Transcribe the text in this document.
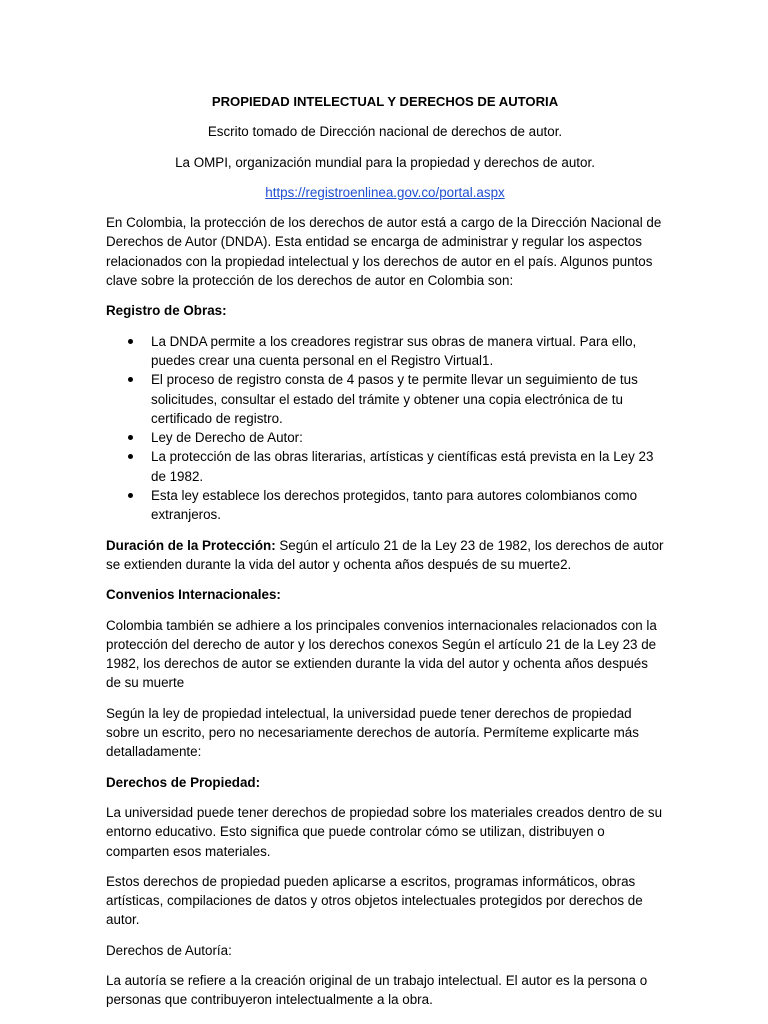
PROPIEDAD INTELECTUAL Y DERECHOS DE AUTORIA
Escrito tomado de Dirección nacional de derechos de autor.
La OMPI, organización mundial para la propiedad y derechos de autor.
https://registroenlinea.gov.co/portal.aspx

En Colombia, la protección de los derechos de autor está a cargo de la Dirección Nacional de Derechos de Autor (DNDA). Esta entidad se encarga de administrar y regular los aspectos relacionados con la propiedad intelectual y los derechos de autor en el país. Algunos puntos clave sobre la protección de los derechos de autor en Colombia son:

Registro de Obras:
La DNDA permite a los creadores registrar sus obras de manera virtual. Para ello, puedes crear una cuenta personal en el Registro Virtual1.
El proceso de registro consta de 4 pasos y te permite llevar un seguimiento de tus solicitudes, consultar el estado del trámite y obtener una copia electrónica de tu certificado de registro.
Ley de Derecho de Autor:
La protección de las obras literarias, artísticas y científicas está prevista en la Ley 23 de 1982.
Esta ley establece los derechos protegidos, tanto para autores colombianos como extranjeros.

Duración de la Protección: Según el artículo 21 de la Ley 23 de 1982, los derechos de autor se extienden durante la vida del autor y ochenta años después de su muerte2.

Convenios Internacionales:

Colombia también se adhiere a los principales convenios internacionales relacionados con la protección del derecho de autor y los derechos conexos Según el artículo 21 de la Ley 23 de 1982, los derechos de autor se extienden durante la vida del autor y ochenta años después de su muerte

Según la ley de propiedad intelectual, la universidad puede tener derechos de propiedad sobre un escrito, pero no necesariamente derechos de autoría. Permíteme explicarte más detalladamente:

Derechos de Propiedad:

La universidad puede tener derechos de propiedad sobre los materiales creados dentro de su entorno educativo. Esto significa que puede controlar cómo se utilizan, distribuyen o comparten esos materiales.

Estos derechos de propiedad pueden aplicarse a escritos, programas informáticos, obras artísticas, compilaciones de datos y otros objetos intelectuales protegidos por derechos de autor.

Derechos de Autoría:

La autoría se refiere a la creación original de un trabajo intelectual. El autor es la persona o personas que contribuyeron intelectualmente a la obra.
